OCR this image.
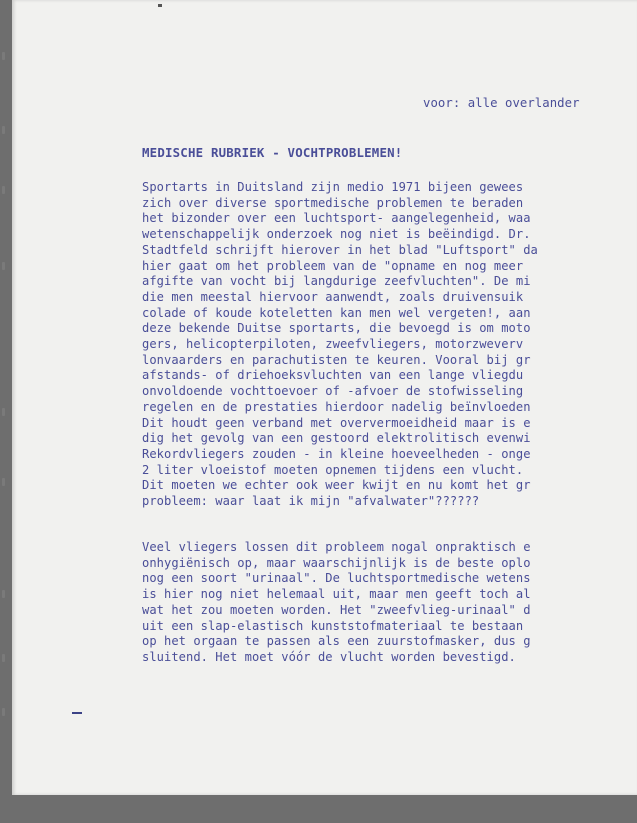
voor: alle overlander
MEDISCHE RUBRIEK - VOCHTPROBLEMEN!
Sportarts in Duitsland zijn medio 1971 bijeen gewees
zich over diverse sportmedische problemen te beraden
het bizonder over een luchtsport- aangelegenheid, waa
wetenschappelijk onderzoek nog niet is beëindigd. Dr.
Stadtfeld schrijft hierover in het blad "Luftsport" da
hier gaat om het probleem van de "opname en nog meer
afgifte van vocht bij langdurige zeefvluchten". De mi
die men meestal hiervoor aanwendt, zoals druivensuik
colade of koude koteletten kan men wel vergeten!, aan
deze bekende Duitse sportarts, die bevoegd is om moto
gers, helicopterpiloten, zweefvliegers, motorzweverv
lonvaarders en parachutisten te keuren. Vooral bij gr
afstands- of driehoeksvluchten van een lange vliegdu
onvoldoende vochttoevoer of -afvoer de stofwisseling
regelen en de prestaties hierdoor nadelig beïnvloeden
Dit houdt geen verband met oververmoeidheid maar is e
dig het gevolg van een gestoord elektrolitisch evenwi
Rekordvliegers zouden - in kleine hoeveelheden - onge
2 liter vloeistof moeten opnemen tijdens een vlucht.
Dit moeten we echter ook weer kwijt en nu komt het gr
probleem: waar laat ik mijn "afvalwater"??????
Veel vliegers lossen dit probleem nogal onpraktisch e
onhygiënisch op, maar waarschijnlijk is de beste oplo
nog een soort "urinaal". De luchtsportmedische wetens
is hier nog niet helemaal uit, maar men geeft toch al
wat het zou moeten worden. Het "zweefvlieg-urinaal" d
uit een slap-elastisch kunststofmateriaal te bestaan
op het orgaan te passen als een zuurstofmasker, dus g
sluitend. Het moet vóór de vlucht worden bevestigd.
